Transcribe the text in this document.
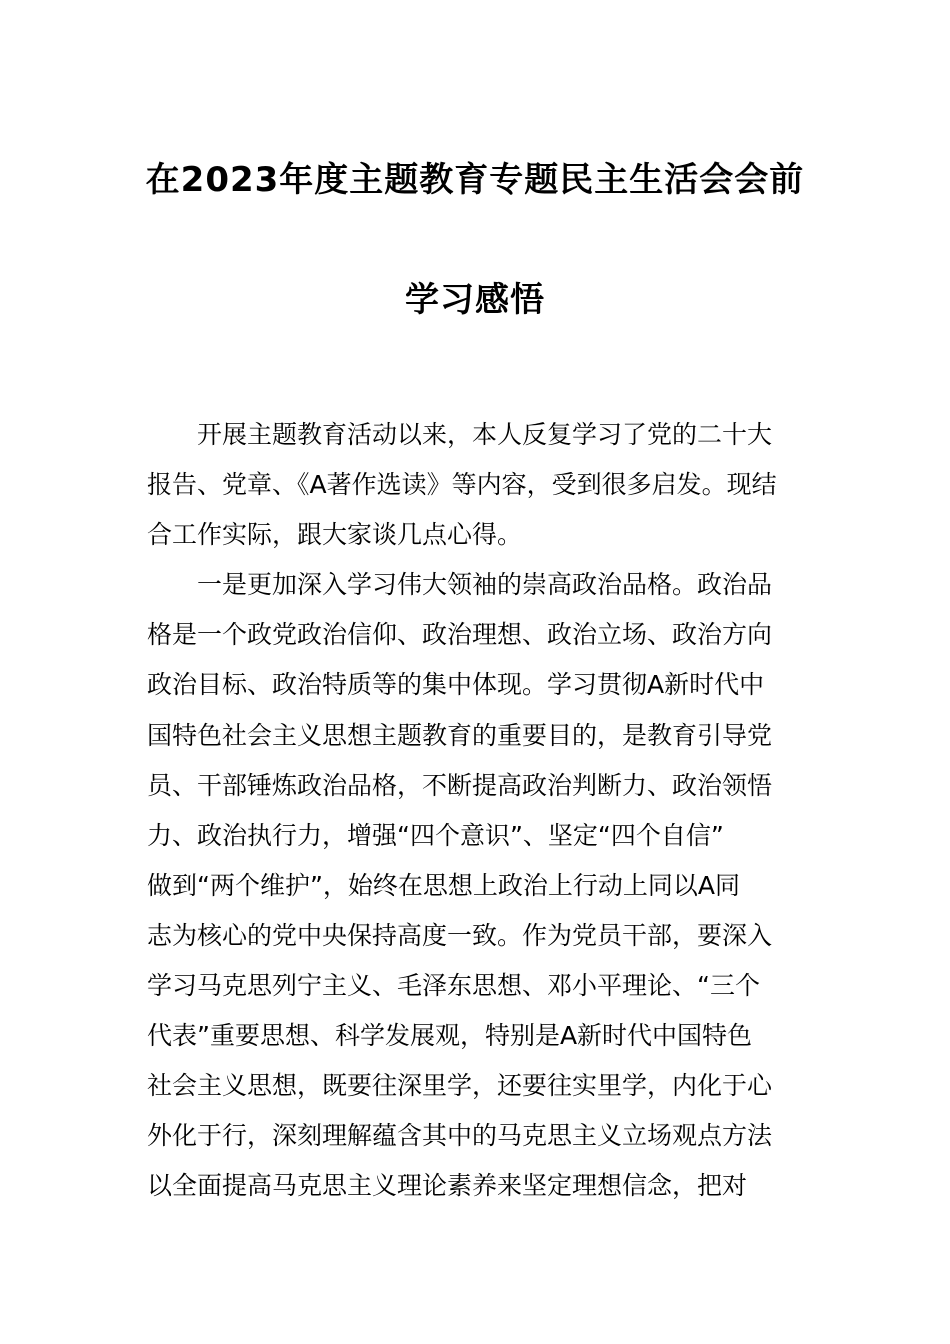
在2023年度主题教育专题民主生活会会前
学习感悟
开展主题教育活动以来，本人反复学习了党的二十大
报告、党章、《A著作选读》等内容，受到很多启发。现结
合工作实际，跟大家谈几点心得。
一是更加深入学习伟大领袖的崇高政治品格。政治品
格是一个政党政治信仰、政治理想、政治立场、政治方向
政治目标、政治特质等的集中体现。学习贯彻A新时代中
国特色社会主义思想主题教育的重要目的，是教育引导党
员、干部锤炼政治品格，不断提高政治判断力、政治领悟
力、政治执行力，增强“四个意识”、坚定“四个自信”
做到“两个维护”，始终在思想上政治上行动上同以A同
志为核心的党中央保持高度一致。作为党员干部，要深入
学习马克思列宁主义、毛泽东思想、邓小平理论、“三个
代表”重要思想、科学发展观，特别是A新时代中国特色
社会主义思想，既要往深里学，还要往实里学，内化于心
外化于行，深刻理解蕴含其中的马克思主义立场观点方法
以全面提高马克思主义理论素养来坚定理想信念，把对
